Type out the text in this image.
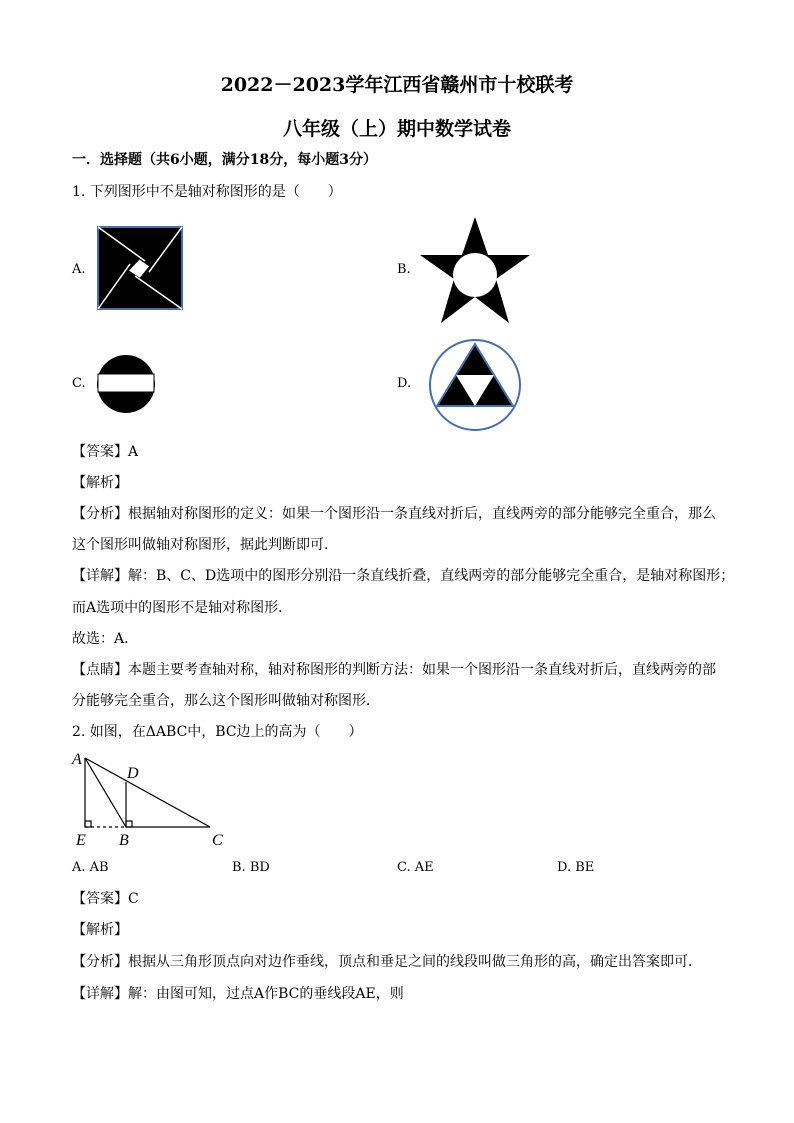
2022－2023学年江西省赣州市十校联考
八年级（上）期中数学试卷
一．选择题（共6小题，满分18分，每小题3分）
1. 下列图形中不是轴对称图形的是（　　）
A.	B.
C.	D.
【答案】A
【解析】
【分析】根据轴对称图形的定义：如果一个图形沿一条直线对折后，直线两旁的部分能够完全重合，那么
这个图形叫做轴对称图形，据此判断即可．
【详解】解：B、C、D选项中的图形分别沿一条直线折叠，直线两旁的部分能够完全重合，是轴对称图形；
而A选项中的图形不是轴对称图形．
故选：A．
【点睛】本题主要考查轴对称，轴对称图形的判断方法：如果一个图形沿一条直线对折后，直线两旁的部
分能够完全重合，那么这个图形叫做轴对称图形．
2. 如图，在ΔABC中，BC边上的高为（　　）
A
D
E B	C
A. AB	B. BD	C. AE	D. BE
【答案】C
【解析】
【分析】根据从三角形顶点向对边作垂线，顶点和垂足之间的线段叫做三角形的高，确定出答案即可．
【详解】解：由图可知，过点A作BC的垂线段AE，则
